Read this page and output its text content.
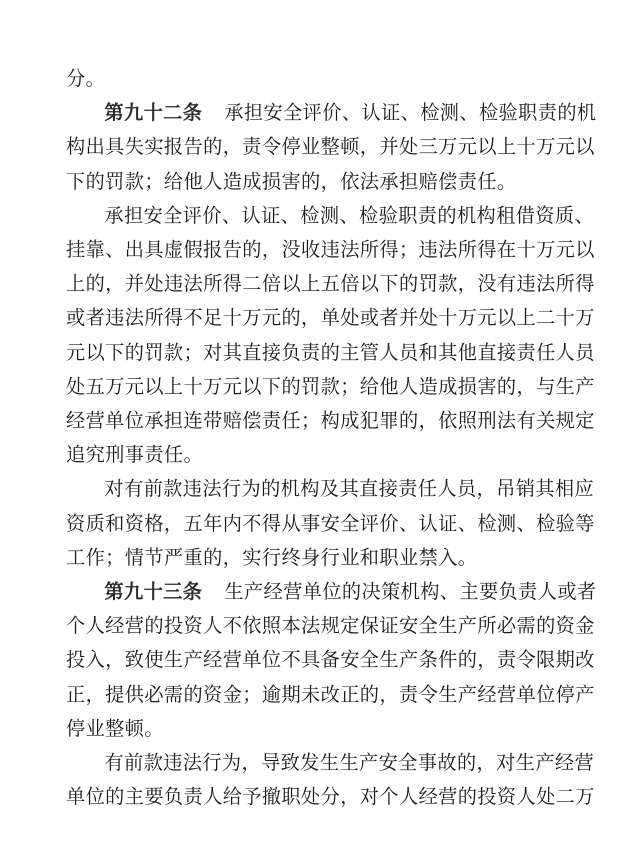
分。

第九十二条 承担安全评价、认证、检测、检验职责的机构出具失实报告的，责令停业整顿，并处三万元以上十万元以下的罚款；给他人造成损害的，依法承担赔偿责任。

承担安全评价、认证、检测、检验职责的机构租借资质、挂靠、出具虚假报告的，没收违法所得；违法所得在十万元以上的，并处违法所得二倍以上五倍以下的罚款，没有违法所得或者违法所得不足十万元的，单处或者并处十万元以上二十万元以下的罚款；对其直接负责的主管人员和其他直接责任人员处五万元以上十万元以下的罚款；给他人造成损害的，与生产经营单位承担连带赔偿责任；构成犯罪的，依照刑法有关规定追究刑事责任。

对有前款违法行为的机构及其直接责任人员，吊销其相应资质和资格，五年内不得从事安全评价、认证、检测、检验等工作；情节严重的，实行终身行业和职业禁入。

第九十三条 生产经营单位的决策机构、主要负责人或者个人经营的投资人不依照本法规定保证安全生产所必需的资金投入，致使生产经营单位不具备安全生产条件的，责令限期改正，提供必需的资金；逾期未改正的，责令生产经营单位停产停业整顿。

有前款违法行为，导致发生生产安全事故的，对生产经营单位的主要负责人给予撤职处分，对个人经营的投资人处二万
